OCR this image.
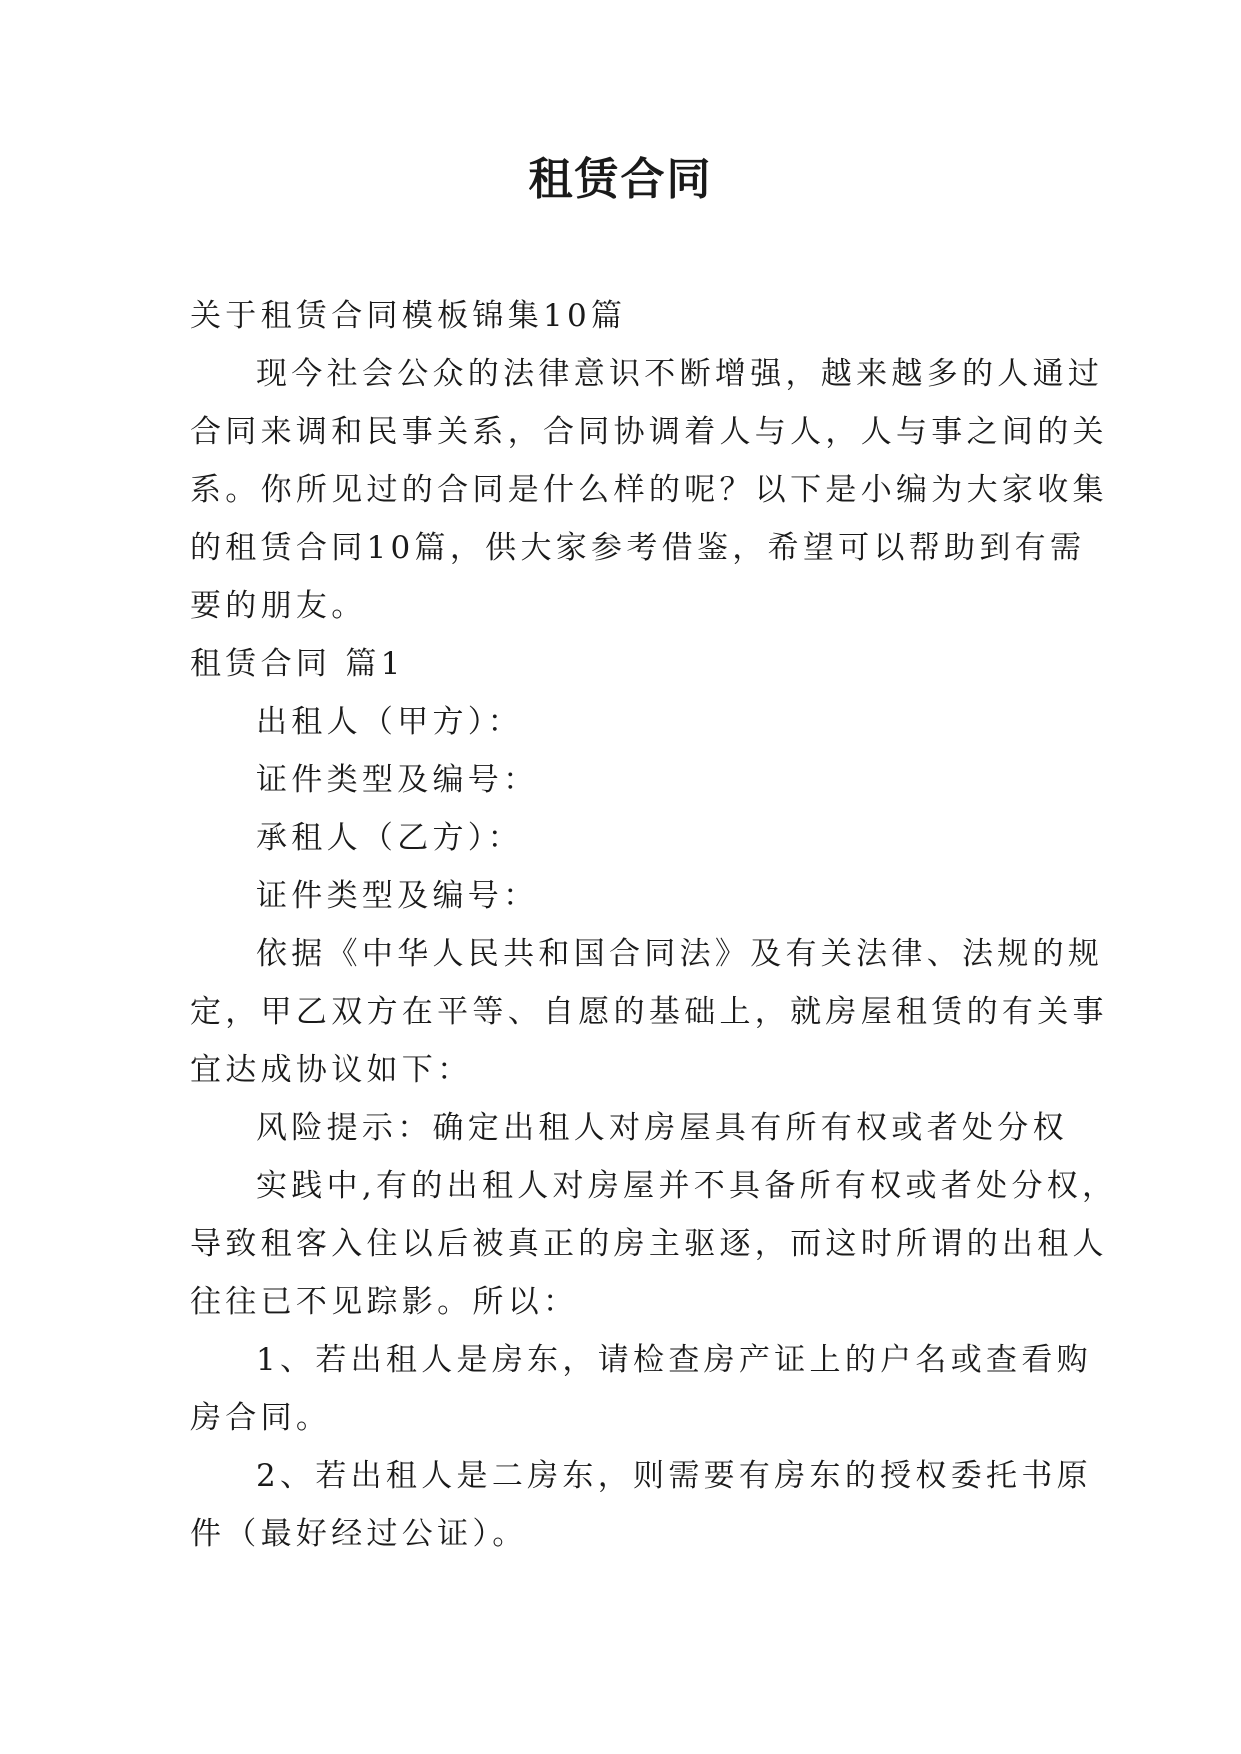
租赁合同
关于租赁合同模板锦集10篇
现今社会公众的法律意识不断增强，越来越多的人通过
合同来调和民事关系，合同协调着人与人，人与事之间的关
系。你所见过的合同是什么样的呢？以下是小编为大家收集
的租赁合同10篇，供大家参考借鉴，希望可以帮助到有需
要的朋友。
租赁合同 篇1
出租人（甲方）：
证件类型及编号：
承租人（乙方）：
证件类型及编号：
依据《中华人民共和国合同法》及有关法律、法规的规
定，甲乙双方在平等、自愿的基础上，就房屋租赁的有关事
宜达成协议如下：
风险提示：确定出租人对房屋具有所有权或者处分权
实践中,有的出租人对房屋并不具备所有权或者处分权，
导致租客入住以后被真正的房主驱逐，而这时所谓的出租人
往往已不见踪影。所以：
1、若出租人是房东，请检查房产证上的户名或查看购
房合同。
2、若出租人是二房东，则需要有房东的授权委托书原
件（最好经过公证）。
